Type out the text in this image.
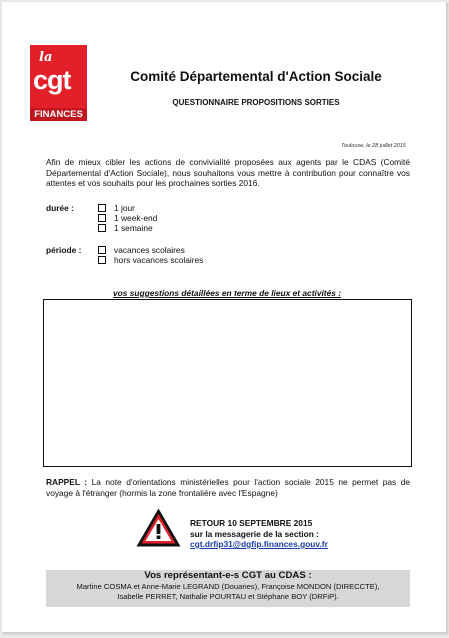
la
cgt
FINANCES
Comité Départemental d'Action Sociale
QUESTIONNAIRE PROPOSITIONS SORTIES
Toulouse, le 28 juillet 2015
Afin de mieux cibler les actions de convivialité proposées aux agents par le CDAS (Comité Départemental d'Action Sociale), nous souhaitons vous mettre à contribution pour connaître vos attentes et vos souhaits pour les prochaines sorties 2016.
durée :	1 jour
1 week-end
1 semaine
période :	vacances scolaires
hors vacances scolaires
vos suggestions détaillées en terme de lieux et activités :
RAPPEL : La note d'orientations ministérielles pour l'action sociale 2015 ne permet pas de voyage à l'étranger (hormis la zone frontalière avec l'Espagne)
RETOUR 10 SEPTEMBRE 2015
sur la messagerie de la section :
cgt.drfip31@dgfip.finances.gouv.fr
Vos représentant-e-s CGT au CDAS :
Martine COSMA et Anne-Marie LEGRAND (Douanes), Françoise MONDON (DIRECCTE),
Isabelle PERRET, Nathalie POURTAU et Stéphane BOY (DRFiP).
